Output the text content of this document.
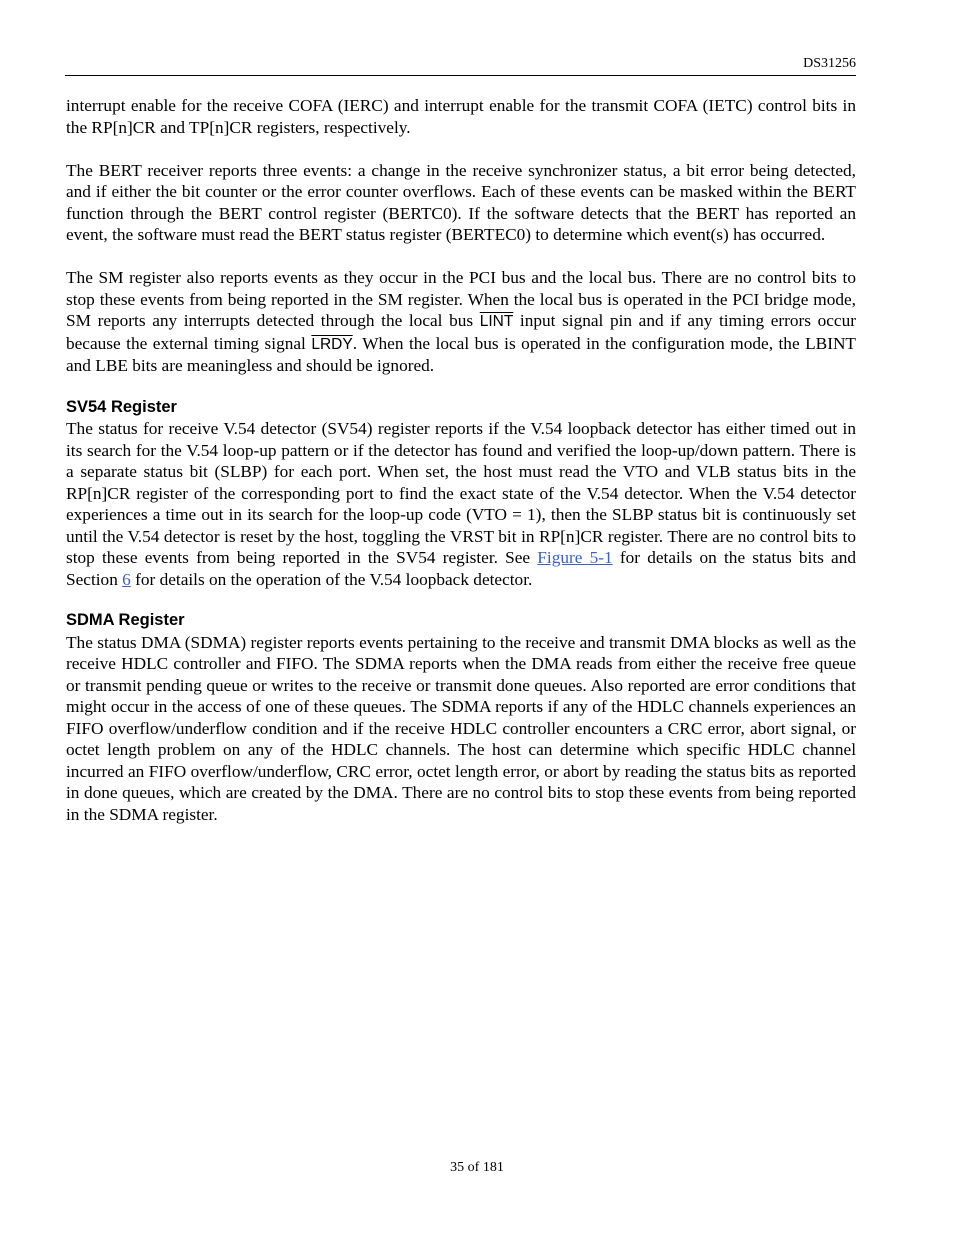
DS31256

interrupt enable for the receive COFA (IERC) and interrupt enable for the transmit COFA (IETC) control bits in the RP[n]CR and TP[n]CR registers, respectively.

The BERT receiver reports three events: a change in the receive synchronizer status, a bit error being detected, and if either the bit counter or the error counter overflows. Each of these events can be masked within the BERT function through the BERT control register (BERTC0). If the software detects that the BERT has reported an event, the software must read the BERT status register (BERTEC0) to determine which event(s) has occurred.

The SM register also reports events as they occur in the PCI bus and the local bus. There are no control bits to stop these events from being reported in the SM register. When the local bus is operated in the PCI bridge mode, SM reports any interrupts detected through the local bus LINT input signal pin and if any timing errors occur because the external timing signal LRDY. When the local bus is operated in the configuration mode, the LBINT and LBE bits are meaningless and should be ignored.

SV54 Register

The status for receive V.54 detector (SV54) register reports if the V.54 loopback detector has either timed out in its search for the V.54 loop-up pattern or if the detector has found and verified the loop-up/down pattern. There is a separate status bit (SLBP) for each port. When set, the host must read the VTO and VLB status bits in the RP[n]CR register of the corresponding port to find the exact state of the V.54 detector. When the V.54 detector experiences a time out in its search for the loop-up code (VTO = 1), then the SLBP status bit is continuously set until the V.54 detector is reset by the host, toggling the VRST bit in RP[n]CR register. There are no control bits to stop these events from being reported in the SV54 register. See Figure 5-1 for details on the status bits and Section 6 for details on the operation of the V.54 loopback detector.

SDMA Register

The status DMA (SDMA) register reports events pertaining to the receive and transmit DMA blocks as well as the receive HDLC controller and FIFO. The SDMA reports when the DMA reads from either the receive free queue or transmit pending queue or writes to the receive or transmit done queues. Also reported are error conditions that might occur in the access of one of these queues. The SDMA reports if any of the HDLC channels experiences an FIFO overflow/underflow condition and if the receive HDLC controller encounters a CRC error, abort signal, or octet length problem on any of the HDLC channels. The host can determine which specific HDLC channel incurred an FIFO overflow/underflow, CRC error, octet length error, or abort by reading the status bits as reported in done queues, which are created by the DMA. There are no control bits to stop these events from being reported in the SDMA register.

35 of 181
